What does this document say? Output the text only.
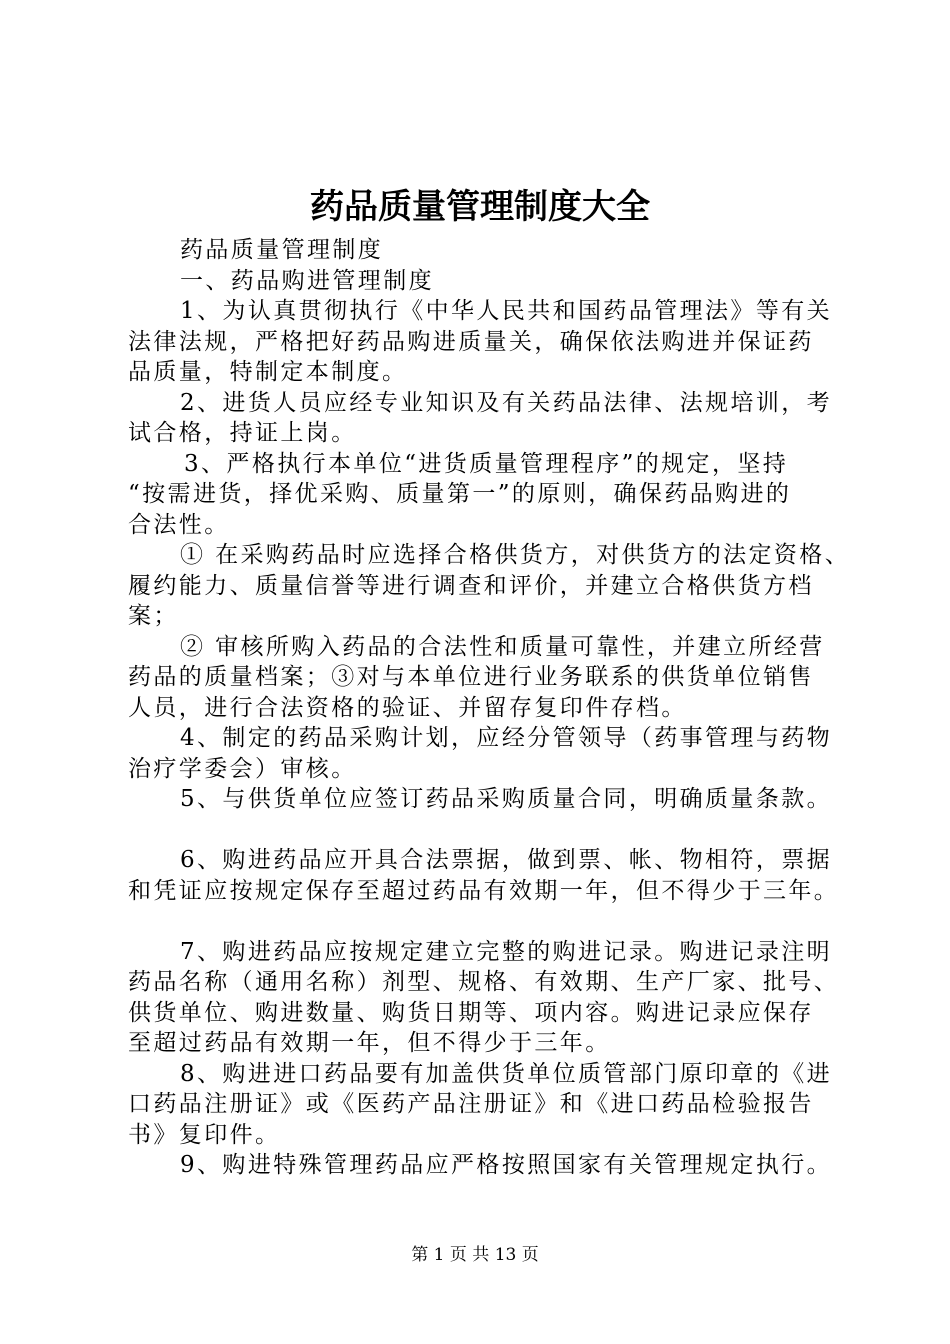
药品质量管理制度大全
药品质量管理制度
一、药品购进管理制度
1、为认真贯彻执行《中华人民共和国药品管理法》等有关
法律法规，严格把好药品购进质量关，确保依法购进并保证药
品质量，特制定本制度。
2、进货人员应经专业知识及有关药品法律、法规培训，考
试合格，持证上岗。
3、严格执行本单位“进货质量管理程序”的规定，坚持
“按需进货，择优采购、质量第一”的原则，确保药品购进的
合法性。
① 在采购药品时应选择合格供货方，对供货方的法定资格、
履约能力、质量信誉等进行调查和评价，并建立合格供货方档
案；
② 审核所购入药品的合法性和质量可靠性，并建立所经营
药品的质量档案；③对与本单位进行业务联系的供货单位销售
人员，进行合法资格的验证、并留存复印件存档。
4、制定的药品采购计划，应经分管领导（药事管理与药物
治疗学委会）审核。
5、与供货单位应签订药品采购质量合同，明确质量条款。
6、购进药品应开具合法票据，做到票、帐、物相符，票据
和凭证应按规定保存至超过药品有效期一年，但不得少于三年。
7、购进药品应按规定建立完整的购进记录。购进记录注明
药品名称（通用名称）剂型、规格、有效期、生产厂家、批号、
供货单位、购进数量、购货日期等、项内容。购进记录应保存
至超过药品有效期一年，但不得少于三年。
8、购进进口药品要有加盖供货单位质管部门原印章的《进
口药品注册证》或《医药产品注册证》和《进口药品检验报告
书》复印件。
9、购进特殊管理药品应严格按照国家有关管理规定执行。
第 1 页 共 13 页
